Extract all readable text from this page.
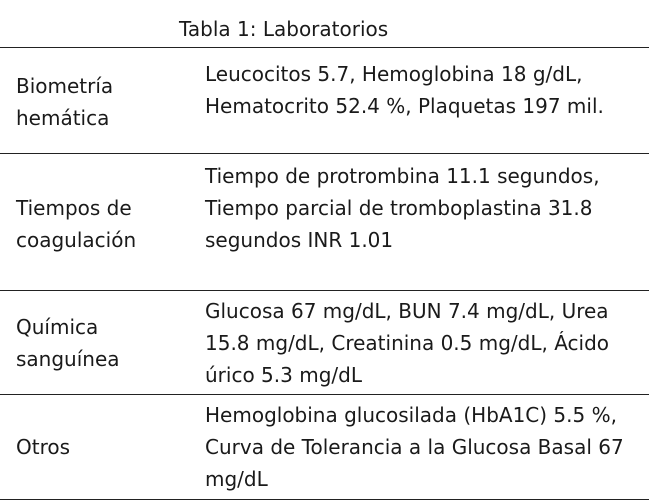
Tabla 1: Laboratorios
Biometría hemática
Leucocitos 5.7, Hemoglobina 18 g/dL, Hematocrito 52.4 %, Plaquetas 197 mil.
Tiempos de coagulación
Tiempo de protrombina 11.1 segundos, Tiempo parcial de tromboplastina 31.8 segundos INR 1.01
Química sanguínea
Glucosa 67 mg/dL, BUN 7.4 mg/dL, Urea 15.8 mg/dL, Creatinina 0.5 mg/dL, Ácido úrico 5.3 mg/dL
Otros
Hemoglobina glucosilada (HbA1C) 5.5 %, Curva de Tolerancia a la Glucosa Basal 67 mg/dL
